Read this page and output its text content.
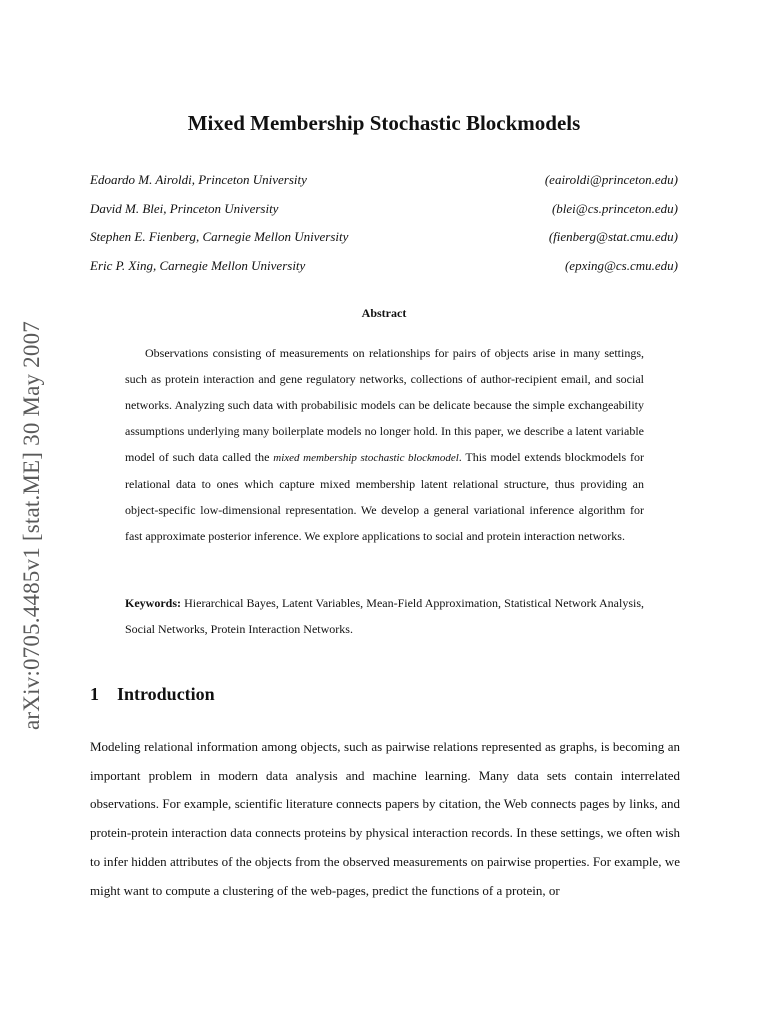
arXiv:0705.4485v1 [stat.ME] 30 May 2007
Mixed Membership Stochastic Blockmodels
Edoardo M. Airoldi, Princeton University	(eairoldi@princeton.edu)
David M. Blei, Princeton University	(blei@cs.princeton.edu)
Stephen E. Fienberg, Carnegie Mellon University	(fienberg@stat.cmu.edu)
Eric P. Xing, Carnegie Mellon University	(epxing@cs.cmu.edu)
Abstract

Observations consisting of measurements on relationships for pairs of objects arise in many settings, such as protein interaction and gene regulatory networks, collections of author-recipient email, and social networks. Analyzing such data with probabilisic models can be delicate because the simple exchangeability assumptions underlying many boilerplate models no longer hold. In this paper, we describe a latent variable model of such data called the mixed membership stochastic blockmodel. This model extends blockmodels for relational data to ones which capture mixed membership latent relational structure, thus providing an object-specific low-dimensional representation. We develop a general variational inference algorithm for fast approximate posterior inference. We explore applications to social and protein interaction networks.

Keywords: Hierarchical Bayes, Latent Variables, Mean-Field Approximation, Statistical Network Analysis, Social Networks, Protein Interaction Networks.

1 Introduction

Modeling relational information among objects, such as pairwise relations represented as graphs, is becoming an important problem in modern data analysis and machine learning. Many data sets contain interrelated observations. For example, scientific literature connects papers by citation, the Web connects pages by links, and protein-protein interaction data connects proteins by physical interaction records. In these settings, we often wish to infer hidden attributes of the objects from the observed measurements on pairwise properties. For example, we might want to compute a clustering of the web-pages, predict the functions of a protein, or
